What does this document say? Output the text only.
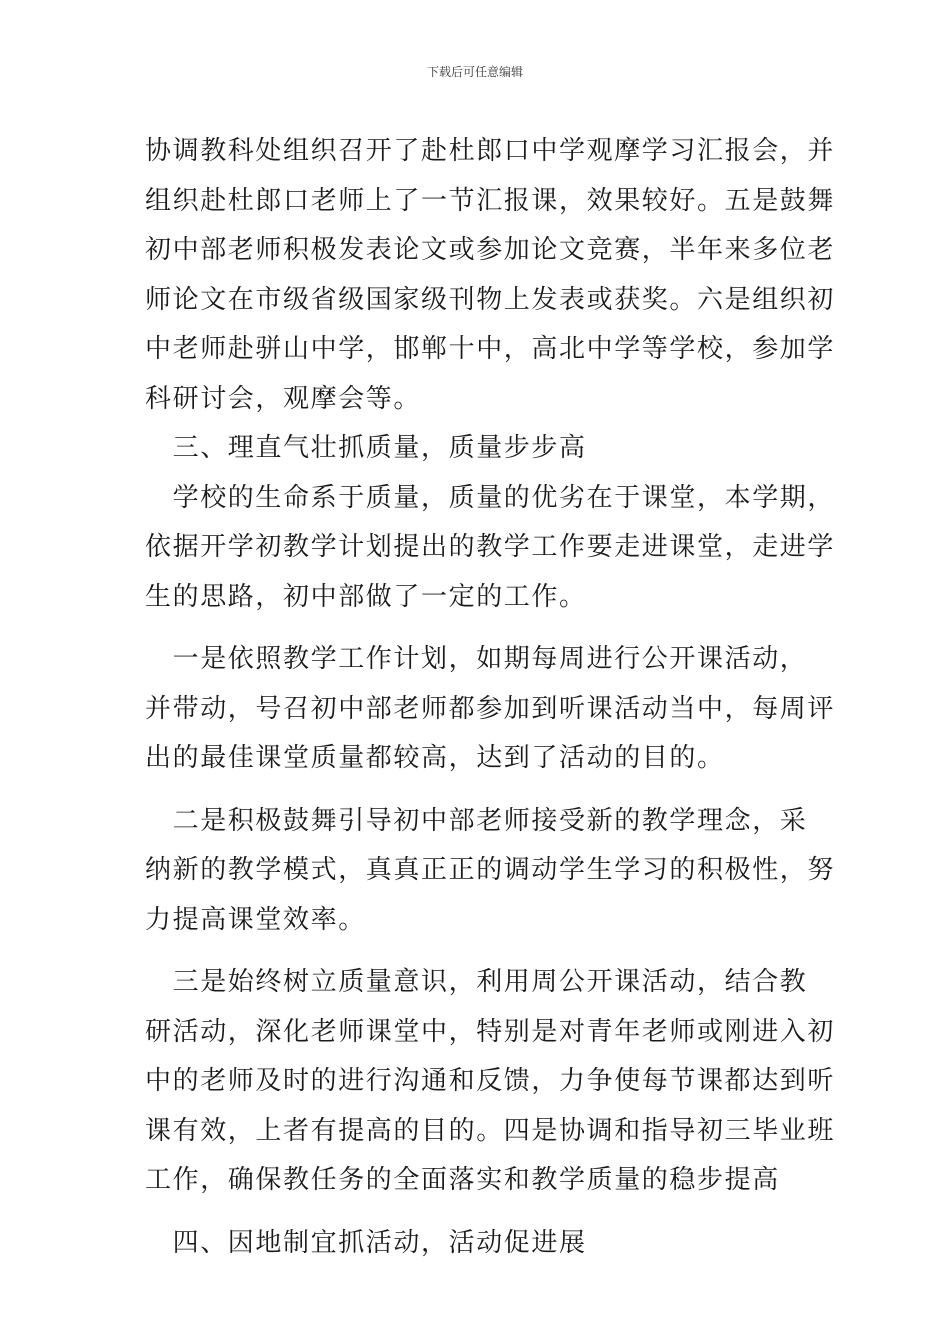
下载后可任意编辑
协调教科处组织召开了赴杜郎口中学观摩学习汇报会，并
组织赴杜郎口老师上了一节汇报课，效果较好。五是鼓舞
初中部老师积极发表论文或参加论文竞赛，半年来多位老
师论文在市级省级国家级刊物上发表或获奖。六是组织初
中老师赴骈山中学，邯郸十中，高北中学等学校，参加学
科研讨会，观摩会等。
　三、理直气壮抓质量，质量步步高
　学校的生命系于质量，质量的优劣在于课堂，本学期，
依据开学初教学计划提出的教学工作要走进课堂，走进学
生的思路，初中部做了一定的工作。
　一是依照教学工作计划，如期每周进行公开课活动，
并带动，号召初中部老师都参加到听课活动当中，每周评
出的最佳课堂质量都较高，达到了活动的目的。
　二是积极鼓舞引导初中部老师接受新的教学理念，采
纳新的教学模式，真真正正的调动学生学习的积极性，努
力提高课堂效率。
　三是始终树立质量意识，利用周公开课活动，结合教
研活动，深化老师课堂中，特别是对青年老师或刚进入初
中的老师及时的进行沟通和反馈，力争使每节课都达到听
课有效，上者有提高的目的。四是协调和指导初三毕业班
工作，确保教任务的全面落实和教学质量的稳步提高
　四、因地制宜抓活动，活动促进展
